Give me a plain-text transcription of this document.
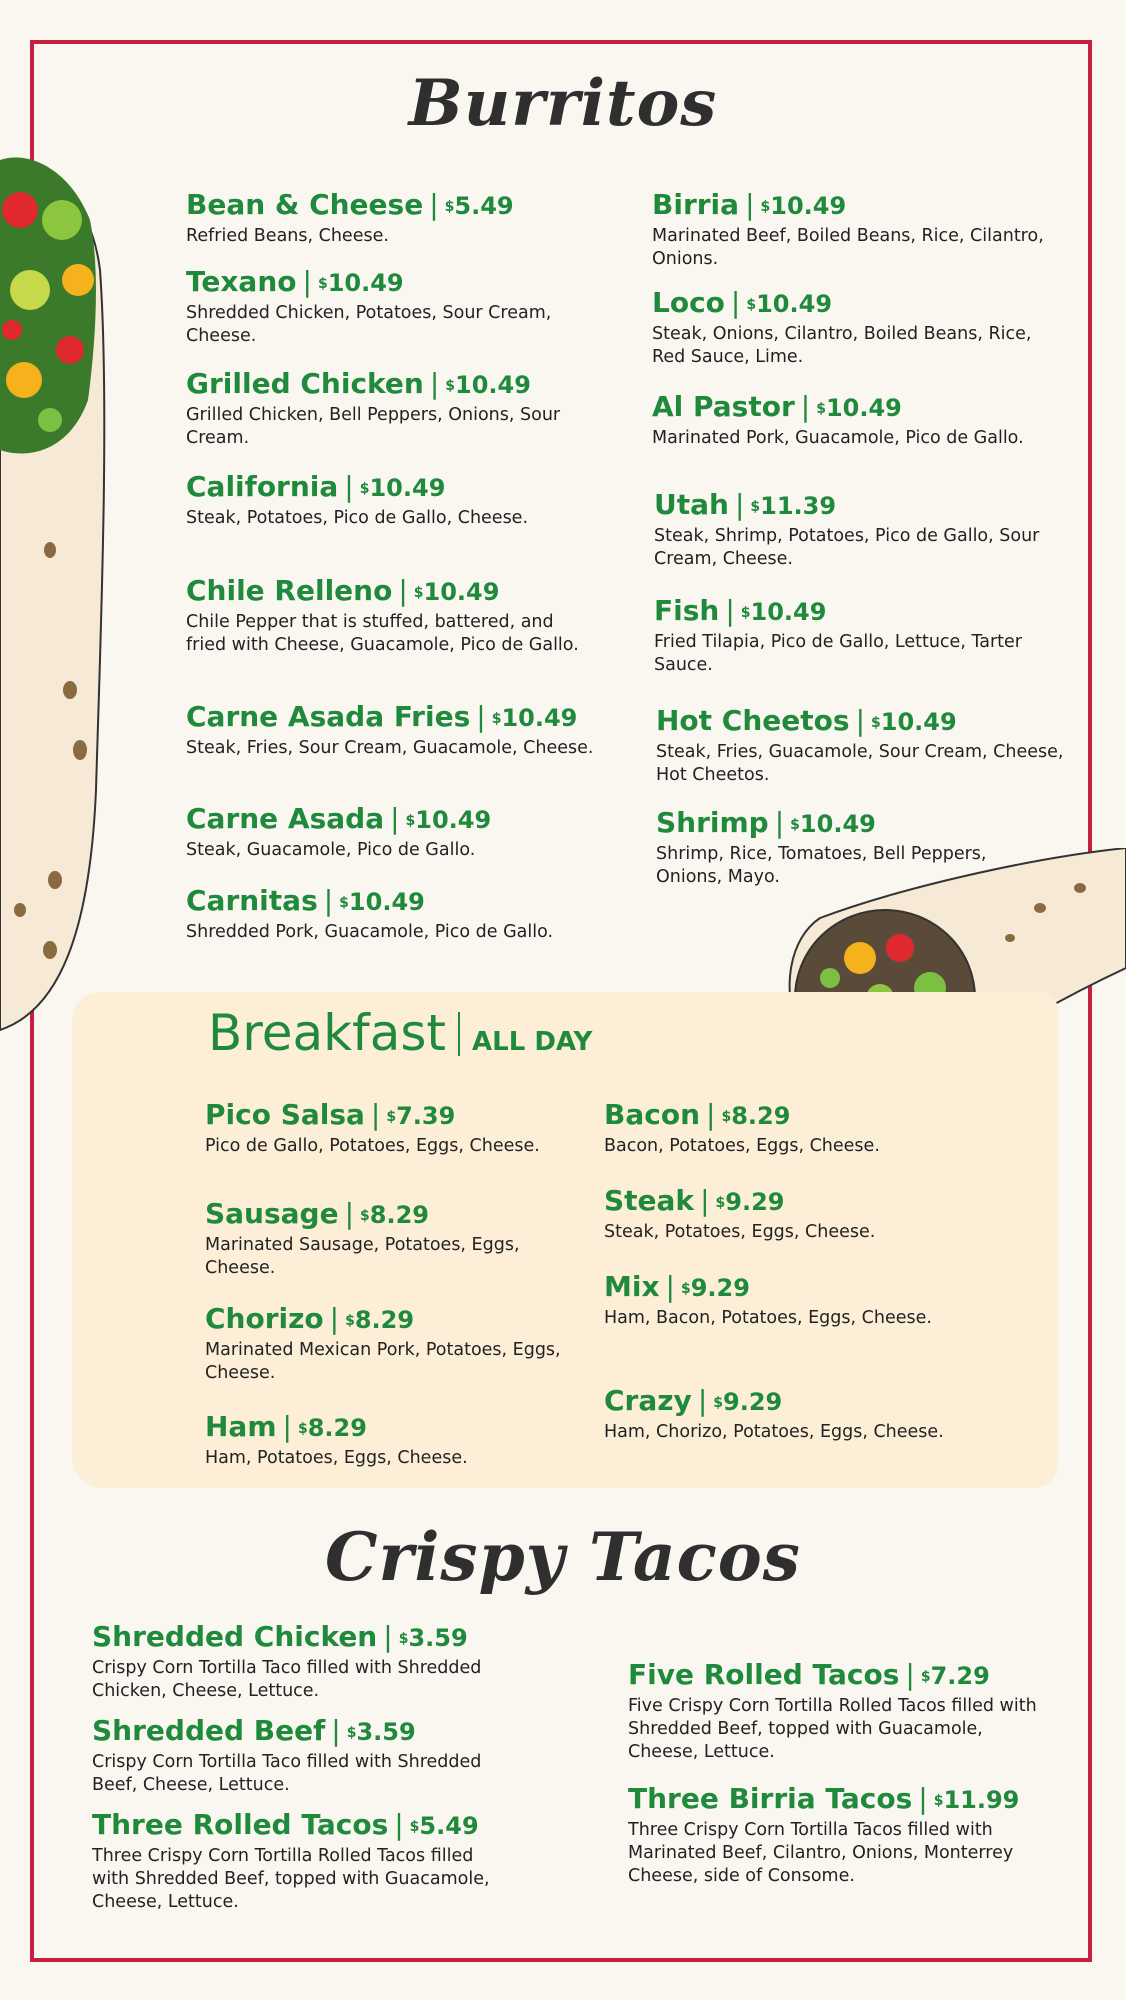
Burritos
Breakfast ALL DAY
Crispy Tacos
Bean & Cheese | $5.49
Refried Beans, Cheese.
Texano | $10.49
Shredded Chicken, Potatoes, Sour Cream, Cheese.
Grilled Chicken | $10.49
Grilled Chicken, Bell Peppers, Onions, Sour Cream.
California | $10.49
Steak, Potatoes, Pico de Gallo, Cheese.
Chile Relleno | $10.49
Chile Pepper that is stuffed, battered, and fried with Cheese, Guacamole, Pico de Gallo.
Carne Asada Fries | $10.49
Steak, Fries, Sour Cream, Guacamole, Cheese.
Carne Asada | $10.49
Steak, Guacamole, Pico de Gallo.
Carnitas | $10.49
Shredded Pork, Guacamole, Pico de Gallo.
Birria | $10.49
Marinated Beef, Boiled Beans, Rice, Cilantro, Onions.
Loco | $10.49
Steak, Onions, Cilantro, Boiled Beans, Rice, Red Sauce, Lime.
Al Pastor | $10.49
Marinated Pork, Guacamole, Pico de Gallo.
Utah | $11.39
Steak, Shrimp, Potatoes, Pico de Gallo, Sour Cream, Cheese.
Fish | $10.49
Fried Tilapia, Pico de Gallo, Lettuce, Tarter Sauce.
Hot Cheetos | $10.49
Steak, Fries, Guacamole, Sour Cream, Cheese, Hot Cheetos.
Shrimp | $10.49
Shrimp, Rice, Tomatoes, Bell Peppers, Onions, Mayo.
Pico Salsa | $7.39
Pico de Gallo, Potatoes, Eggs, Cheese.
Sausage | $8.29
Marinated Sausage, Potatoes, Eggs, Cheese.
Chorizo | $8.29
Marinated Mexican Pork, Potatoes, Eggs, Cheese.
Ham | $8.29
Ham, Potatoes, Eggs, Cheese.
Bacon | $8.29
Bacon, Potatoes, Eggs, Cheese.
Steak | $9.29
Steak, Potatoes, Eggs, Cheese.
Mix | $9.29
Ham, Bacon, Potatoes, Eggs, Cheese.
Crazy | $9.29
Ham, Chorizo, Potatoes, Eggs, Cheese.
Shredded Chicken | $3.59
Crispy Corn Tortilla Taco filled with Shredded Chicken, Cheese, Lettuce.
Shredded Beef | $3.59
Crispy Corn Tortilla Taco filled with Shredded Beef, Cheese, Lettuce.
Three Rolled Tacos | $5.49
Three Crispy Corn Tortilla Rolled Tacos filled with Shredded Beef, topped with Guacamole, Cheese, Lettuce.
Five Rolled Tacos | $7.29
Five Crispy Corn Tortilla Rolled Tacos filled with Shredded Beef, topped with Guacamole, Cheese, Lettuce.
Three Birria Tacos | $11.99
Three Crispy Corn Tortilla Tacos filled with Marinated Beef, Cilantro, Onions, Monterrey Cheese, side of Consome.
